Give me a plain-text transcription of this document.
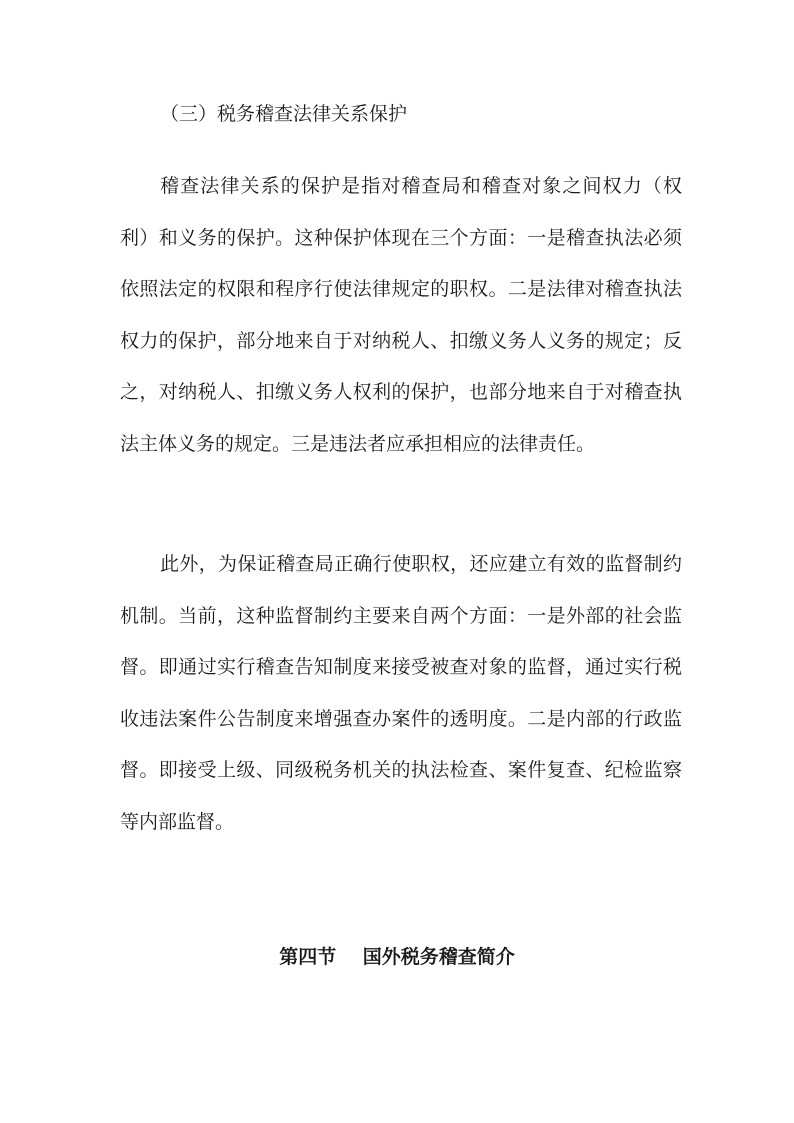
（三）税务稽查法律关系保护

稽查法律关系的保护是指对稽查局和稽查对象之间权力（权利）和义务的保护。这种保护体现在三个方面：一是稽查执法必须依照法定的权限和程序行使法律规定的职权。二是法律对稽查执法权力的保护，部分地来自于对纳税人、扣缴义务人义务的规定；反之，对纳税人、扣缴义务人权利的保护，也部分地来自于对稽查执法主体义务的规定。三是违法者应承担相应的法律责任。

此外，为保证稽查局正确行使职权，还应建立有效的监督制约机制。当前，这种监督制约主要来自两个方面：一是外部的社会监督。即通过实行稽查告知制度来接受被查对象的监督，通过实行税收违法案件公告制度来增强查办案件的透明度。二是内部的行政监督。即接受上级、同级税务机关的执法检查、案件复查、纪检监察等内部监督。

第四节    国外税务稽查简介
